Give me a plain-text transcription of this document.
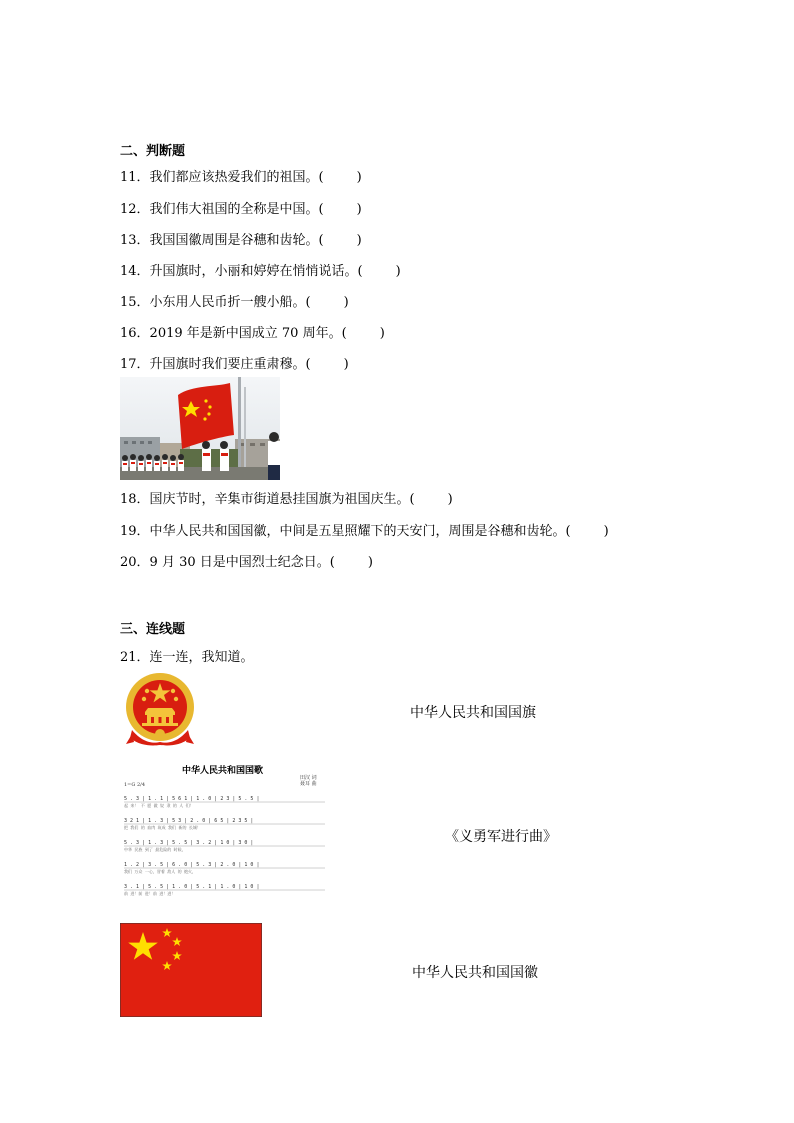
二、判断题
11．我们都应该热爱我们的祖国。(        )
12．我们伟大祖国的全称是中国。(        )
13．我国国徽周围是谷穗和齿轮。(        )
14．升国旗时，小丽和婷婷在悄悄说话。(        )
15．小东用人民币折一艘小船。(        )
16．2019 年是新中国成立 70 周年。(        )
17．升国旗时我们要庄重肃穆。(        )
18．国庆节时，辛集市街道悬挂国旗为祖国庆生。(        )
19．中华人民共和国国徽，中间是五星照耀下的天安门，周围是谷穗和齿轮。(        )
20．9 月 30 日是中国烈士纪念日。(        )
三、连线题
21．连一连，我知道。
中华人民共和国国旗
中华人民共和国国歌
田汉 词
聂耳 曲
1=G 2/4
5 . 3 | 1 . 1 | 5 6 1 | 1 . 0 | 2 3 | 5 . 5 |
起 来！ 不 愿 做 奴 隶 的 人 们！
3 2 1 | 1 . 3 | 5 3 | 2 . 0 | 6 5 | 2 3 5 |
把 我们 的 血肉 筑成 我们 新的 长城！
5 . 3 | 1 . 3 | 5 . 5 | 3 . 2 | 1 0 | 3 0 |
中华 民族 到了 最危险的 时候，
1 . 2 | 3 . 5 | 6 . 0 | 5 . 3 | 2 . 0 | 1 0 |
我们 万众 一心，冒着 敌人 的 炮火，
3 . 1 | 5 . 5 | 1 . 0 | 5 . 1 | 1 . 0 | 1 0 |
前 进！前 进！前 进！进！
《义勇军进行曲》
中华人民共和国国徽
